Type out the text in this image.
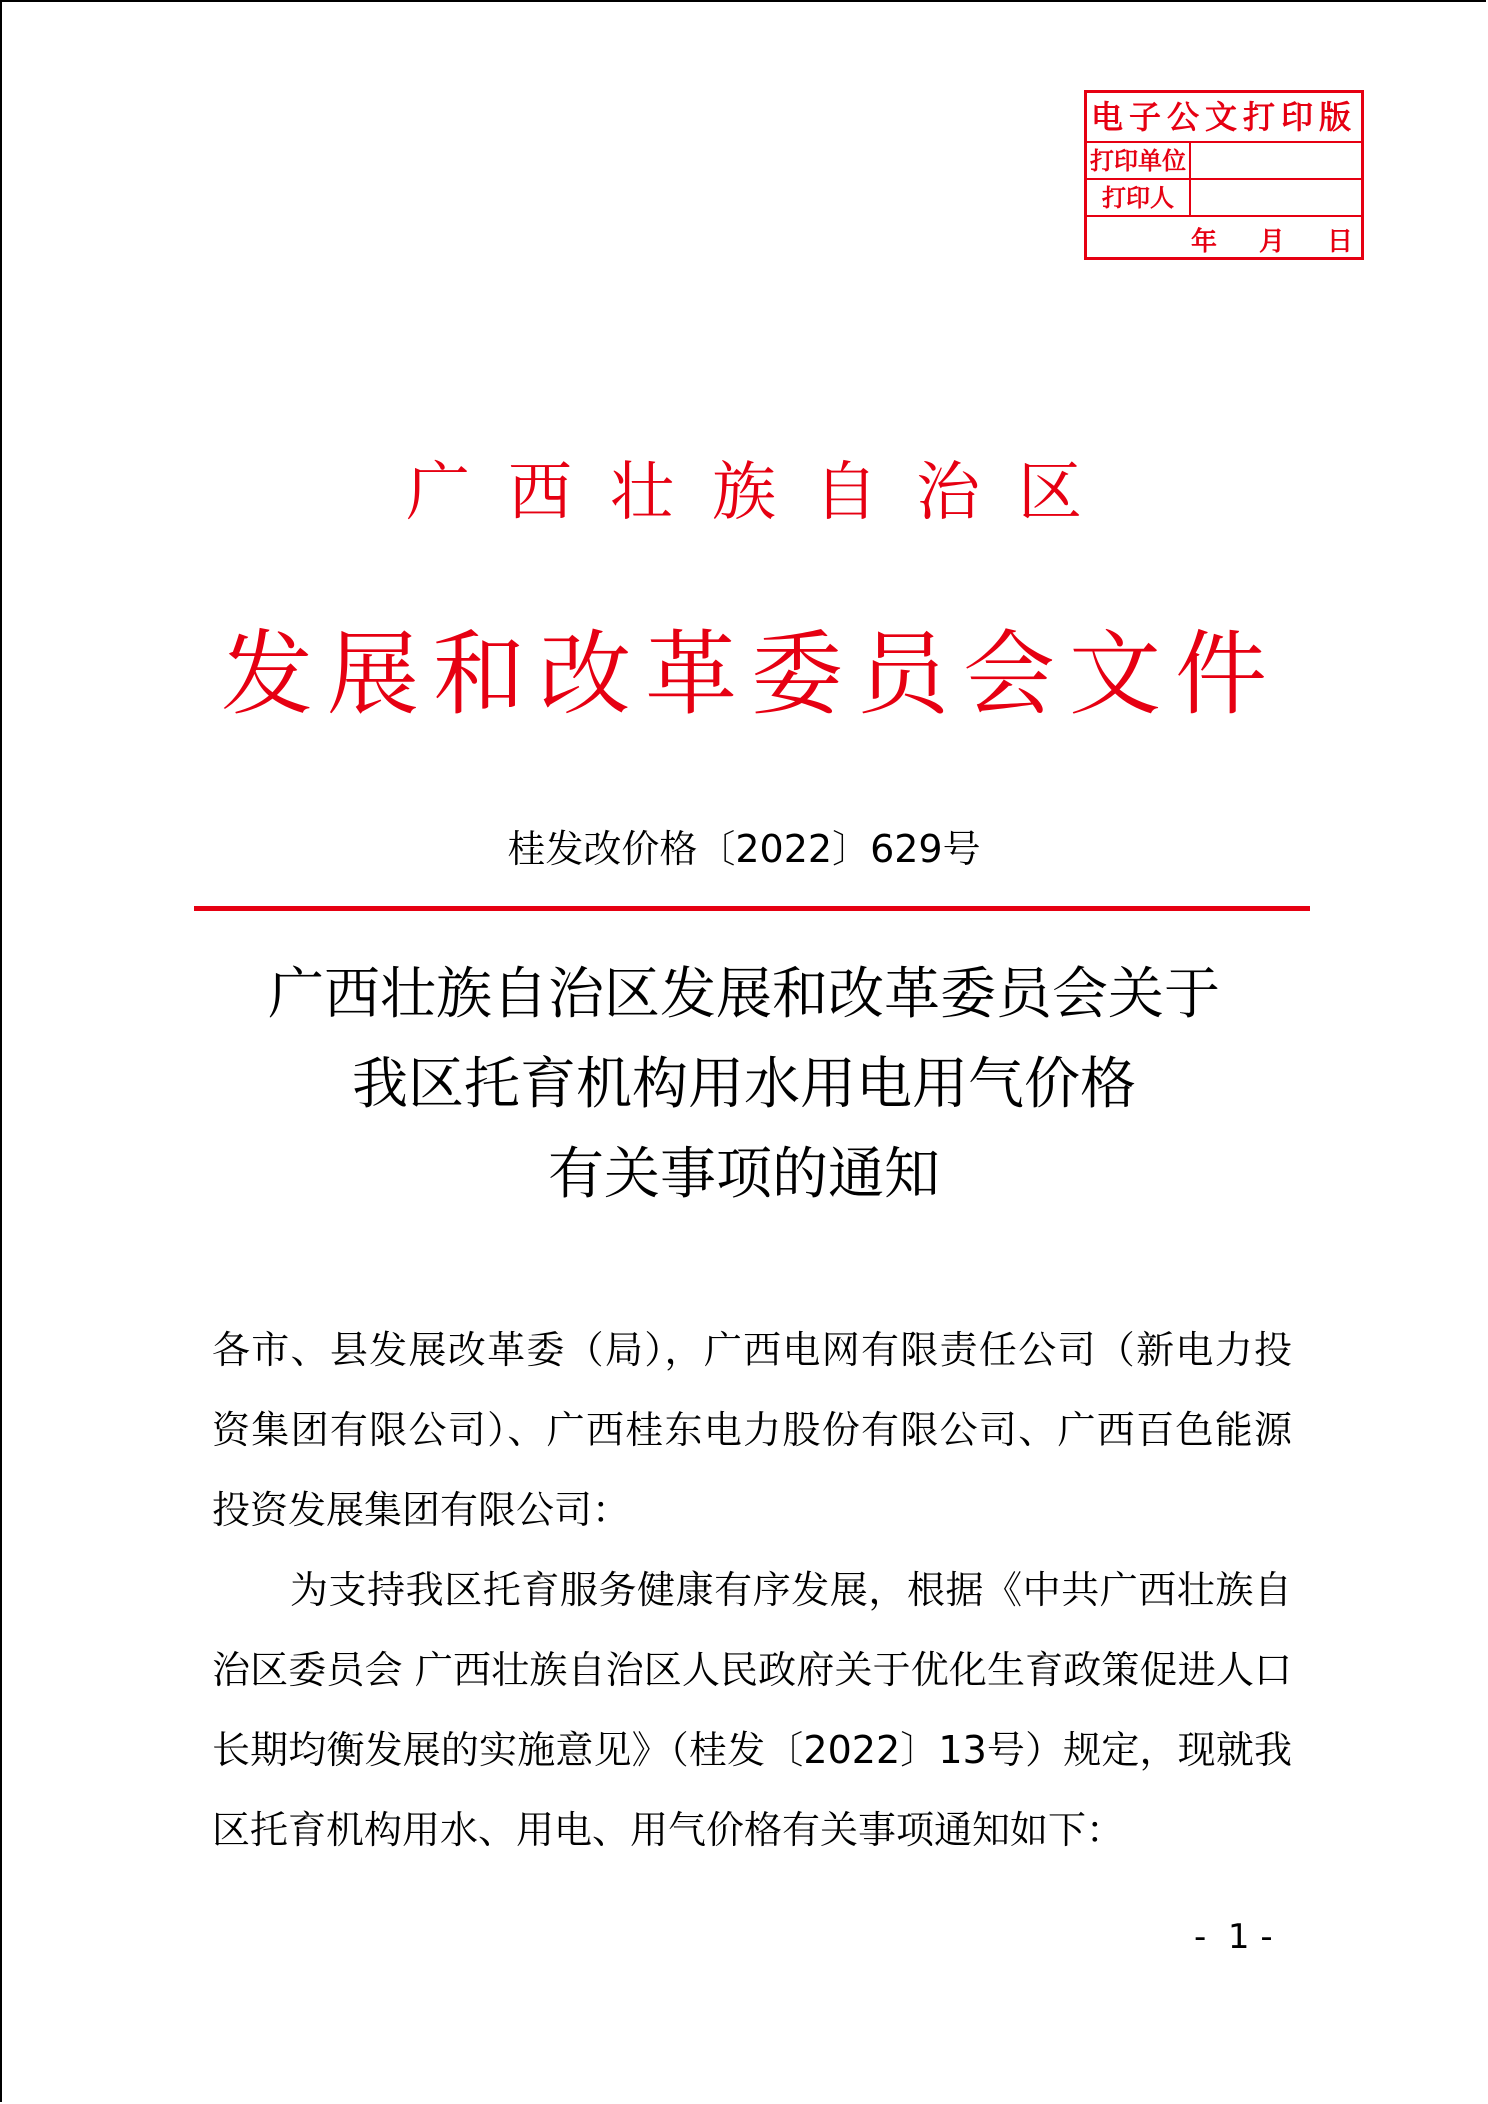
电子公文打印版
打印单位
打印人
年 月 日
广西壮族自治区
发展和改革委员会文件
桂发改价格〔2022〕629号
广西壮族自治区发展和改革委员会关于
我区托育机构用水用电用气价格
有关事项的通知

各市、县发展改革委（局），广西电网有限责任公司（新电力投资集团有限公司）、广西桂东电力股份有限公司、广西百色能源投资发展集团有限公司：

为支持我区托育服务健康有序发展，根据《中共广西壮族自治区委员会 广西壮族自治区人民政府关于优化生育政策促进人口长期均衡发展的实施意见》（桂发〔2022〕13号）规定，现就我区托育机构用水、用电、用气价格有关事项通知如下：

-  1 -
